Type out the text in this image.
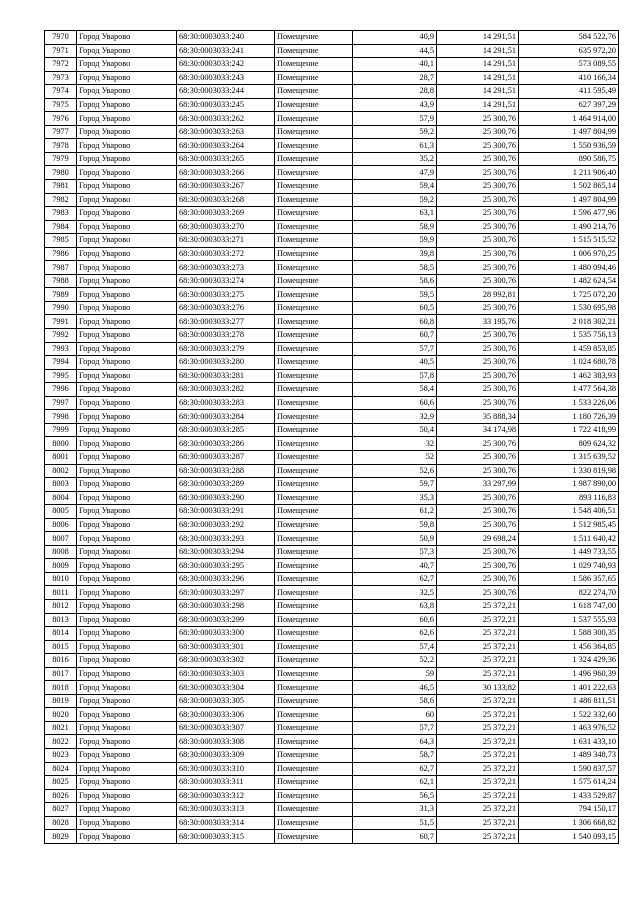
7970	Город Уварово	68:30:0003033:240	Помещение	40,9	14 291,51	584 522,76
7971	Город Уварово	68:30:0003033:241	Помещение	44,5	14 291,51	635 972,20
7972	Город Уварово	68:30:0003033:242	Помещение	40,1	14 291,51	573 089,55
7973	Город Уварово	68:30:0003033:243	Помещение	28,7	14 291,51	410 166,34
7974	Город Уварово	68:30:0003033:244	Помещение	28,8	14 291,51	411 595,49
7975	Город Уварово	68:30:0003033:245	Помещение	43,9	14 291,51	627 397,29
7976	Город Уварово	68:30:0003033:262	Помещение	57,9	25 300,76	1 464 914,00
7977	Город Уварово	68:30:0003033:263	Помещение	59,2	25 300,76	1 497 804,99
7978	Город Уварово	68:30:0003033:264	Помещение	61,3	25 300,76	1 550 936,59
7979	Город Уварово	68:30:0003033:265	Помещение	35,2	25 300,76	890 586,75
7980	Город Уварово	68:30:0003033:266	Помещение	47,9	25 300,76	1 211 906,40
7981	Город Уварово	68:30:0003033:267	Помещение	59,4	25 300,76	1 502 865,14
7982	Город Уварово	68:30:0003033:268	Помещение	59,2	25 300,76	1 497 804,99
7983	Город Уварово	68:30:0003033:269	Помещение	63,1	25 300,76	1 596 477,96
7984	Город Уварово	68:30:0003033:270	Помещение	58,9	25 300,76	1 490 214,76
7985	Город Уварово	68:30:0003033:271	Помещение	59,9	25 300,76	1 515 515,52
7986	Город Уварово	68:30:0003033:272	Помещение	39,8	25 300,76	1 006 970,25
7987	Город Уварово	68:30:0003033:273	Помещение	58,5	25 300,76	1 480 094,46
7988	Город Уварово	68:30:0003033:274	Помещение	58,6	25 300,76	1 482 624,54
7989	Город Уварово	68:30:0003033:275	Помещение	59,5	28 992,81	1 725 072,20
7990	Город Уварово	68:30:0003033:276	Помещение	60,5	25 300,76	1 530 695,98
7991	Город Уварово	68:30:0003033:277	Помещение	60,8	33 195,76	2 018 302,21
7992	Город Уварово	68:30:0003033:278	Помещение	60,7	25 300,76	1 535 756,13
7993	Город Уварово	68:30:0003033:279	Помещение	57,7	25 300,76	1 459 853,85
7994	Город Уварово	68:30:0003033:280	Помещение	40,5	25 300,76	1 024 680,78
7995	Город Уварово	68:30:0003033:281	Помещение	57,8	25 300,76	1 462 383,93
7996	Город Уварово	68:30:0003033:282	Помещение	58,4	25 300,76	1 477 564,38
7997	Город Уварово	68:30:0003033:283	Помещение	60,6	25 300,76	1 533 226,06
7998	Город Уварово	68:30:0003033:284	Помещение	32,9	35 888,34	1 180 726,39
7999	Город Уварово	68:30:0003033:285	Помещение	50,4	34 174,98	1 722 418,99
8000	Город Уварово	68:30:0003033:286	Помещение	32	25 300,76	809 624,32
8001	Город Уварово	68:30:0003033:287	Помещение	52	25 300,76	1 315 639,52
8002	Город Уварово	68:30:0003033:288	Помещение	52,6	25 300,76	1 330 819,98
8003	Город Уварово	68:30:0003033:289	Помещение	59,7	33 297,99	1 987 890,00
8004	Город Уварово	68:30:0003033:290	Помещение	35,3	25 300,76	893 116,83
8005	Город Уварово	68:30:0003033:291	Помещение	61,2	25 300,76	1 548 406,51
8006	Город Уварово	68:30:0003033:292	Помещение	59,8	25 300,76	1 512 985,45
8007	Город Уварово	68:30:0003033:293	Помещение	50,9	29 698,24	1 511 640,42
8008	Город Уварово	68:30:0003033:294	Помещение	57,3	25 300,76	1 449 733,55
8009	Город Уварово	68:30:0003033:295	Помещение	40,7	25 300,76	1 029 740,93
8010	Город Уварово	68:30:0003033:296	Помещение	62,7	25 300,76	1 586 357,65
8011	Город Уварово	68:30:0003033:297	Помещение	32,5	25 300,76	822 274,70
8012	Город Уварово	68:30:0003033:298	Помещение	63,8	25 372,21	1 618 747,00
8013	Город Уварово	68:30:0003033:299	Помещение	60,6	25 372,21	1 537 555,93
8014	Город Уварово	68:30:0003033:300	Помещение	62,6	25 372,21	1 588 300,35
8015	Город Уварово	68:30:0003033:301	Помещение	57,4	25 372,21	1 456 364,85
8016	Город Уварово	68:30:0003033:302	Помещение	52,2	25 372,21	1 324 429,36
8017	Город Уварово	68:30:0003033:303	Помещение	59	25 372,21	1 496 960,39
8018	Город Уварово	68:30:0003033:304	Помещение	46,5	30 133,82	1 401 222,63
8019	Город Уварово	68:30:0003033:305	Помещение	58,6	25 372,21	1 486 811,51
8020	Город Уварово	68:30:0003033:306	Помещение	60	25 372,21	1 522 332,60
8021	Город Уварово	68:30:0003033:307	Помещение	57,7	25 372,21	1 463 976,52
8022	Город Уварово	68:30:0003033:308	Помещение	64,3	25 372,21	1 631 433,10
8023	Город Уварово	68:30:0003033:309	Помещение	58,7	25 372,21	1 489 348,73
8024	Город Уварово	68:30:0003033:310	Помещение	62,7	25 372,21	1 590 837,57
8025	Город Уварово	68:30:0003033:311	Помещение	62,1	25 372,21	1 575 614,24
8026	Город Уварово	68:30:0003033:312	Помещение	56,5	25 372,21	1 433 529,87
8027	Город Уварово	68:30:0003033:313	Помещение	31,3	25 372,21	794 150,17
8028	Город Уварово	68:30:0003033:314	Помещение	51,5	25 372,21	1 306 668,82
8029	Город Уварово	68:30:0003033:315	Помещение	60,7	25 372,21	1 540 093,15
